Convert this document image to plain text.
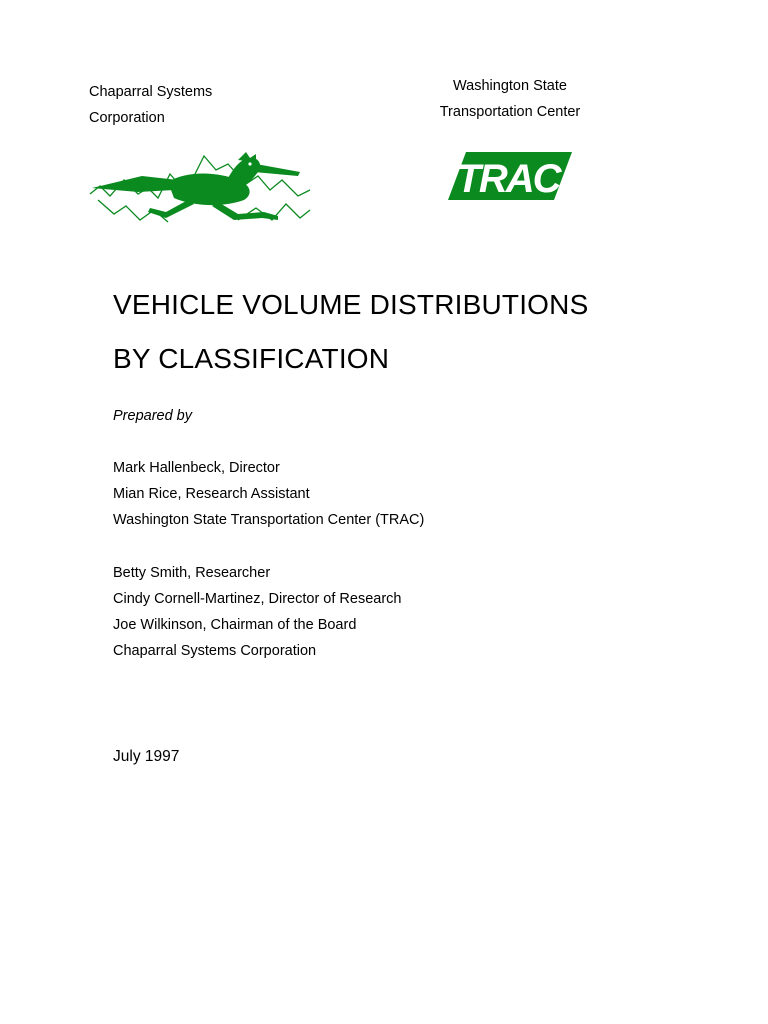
Chaparral Systems
Corporation
Washington State
Transportation Center
TRAC
VEHICLE VOLUME DISTRIBUTIONS
BY CLASSIFICATION
Prepared by
Mark Hallenbeck, Director
Mian Rice, Research Assistant
Washington State Transportation Center (TRAC)
Betty Smith, Researcher
Cindy Cornell-Martinez, Director of Research
Joe Wilkinson, Chairman of the Board
Chaparral Systems Corporation
July 1997
